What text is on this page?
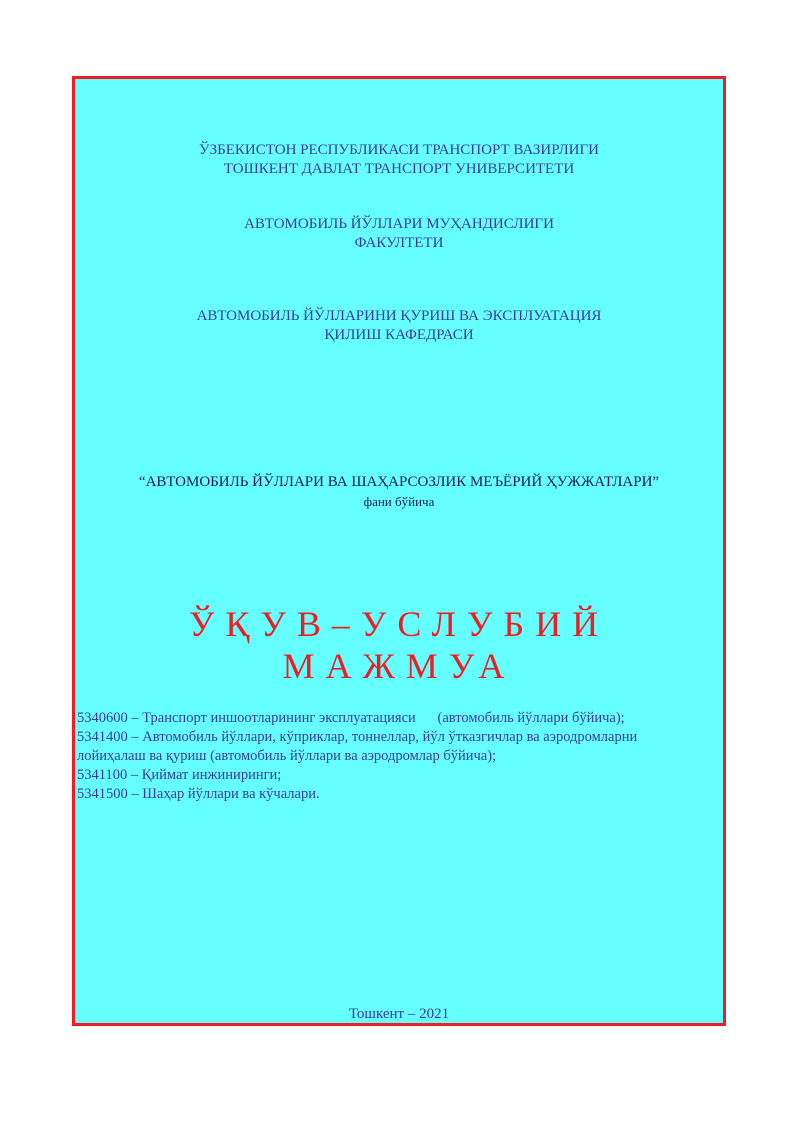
ЎЗБЕКИСТОН РЕСПУБЛИКАСИ ТРАНСПОРТ ВАЗИРЛИГИ
ТОШКЕНТ ДАВЛАТ ТРАНСПОРТ УНИВЕРСИТЕТИ
АВТОМОБИЛЬ ЙЎЛЛАРИ МУҲАНДИСЛИГИ
ФАКУЛТЕТИ
АВТОМОБИЛЬ ЙЎЛЛАРИНИ ҚУРИШ ВА ЭКСПЛУАТАЦИЯ
ҚИЛИШ КАФЕДРАСИ
“АВТОМОБИЛЬ ЙЎЛЛАРИ ВА ШАҲАРСОЗЛИК МЕЪЁРИЙ ҲУЖЖАТЛАРИ”
фани бўйича
ЎҚУВ–УСЛУБИЙ
МАЖМУА
5340600 – Транспорт иншоотларининг эксплуатацияси      (автомобиль йўллари бўйича);
5341400 – Автомобиль йўллари, кўприклар, тоннеллар, йўл ўтказгичлар ва аэродромларни
лойиҳалаш ва қуриш (автомобиль йўллари ва аэродромлар бўйича);
5341100 – Қиймат инжиниринги;
5341500 – Шаҳар йўллари ва кўчалари.
Тошкент – 2021
